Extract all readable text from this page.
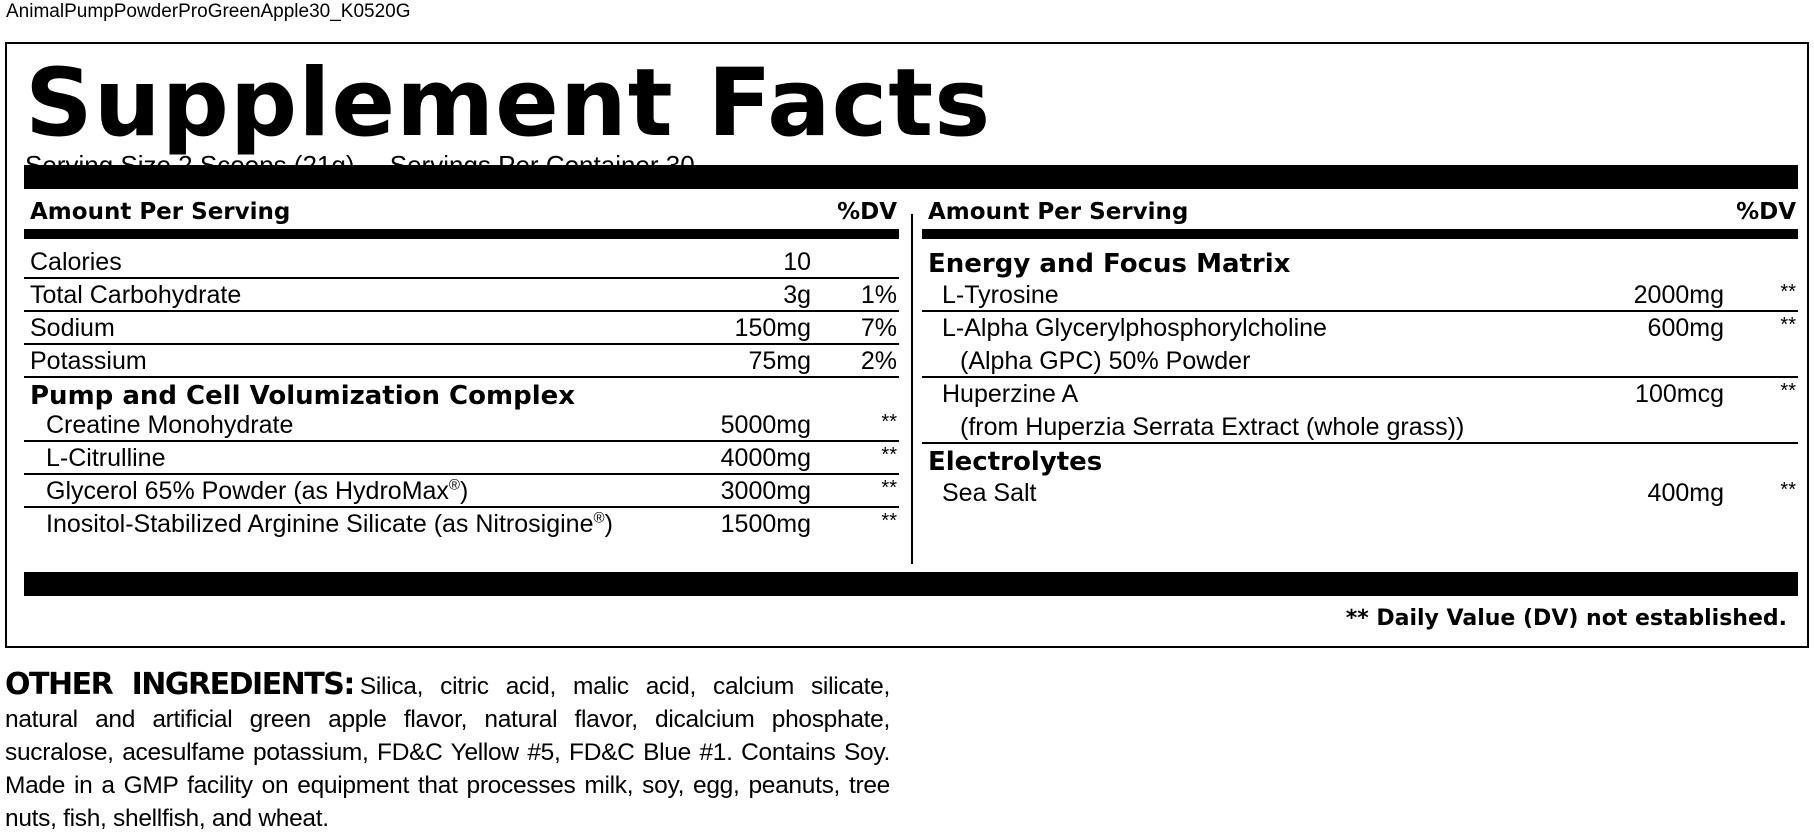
AnimalPumpPowderProGreenApple30_K0520G
Supplement Facts
Amount Per Serving	%DV
Calories	10
Total Carbohydrate	3g 1%
Sodium	150mg 7%
Potassium	75mg 2%
Pump and Cell Volumization Complex
Creatine Monohydrate	5000mg	**
L-Citrulline	4000mg	**
Glycerol 65% Powder (as HydroMax®)	3000mg	**
Inositol-Stabilized Arginine Silicate (as Nitrosigine®)	1500mg	**
Amount Per Serving	%DV
Energy and Focus Matrix
L-Tyrosine	2000mg	**
L-Alpha Glycerylphosphorylcholine
(Alpha GPC) 50% Powder
600mg	**
Huperzine A
(from Huperzia Serrata Extract (whole grass))
100mcg	**
Electrolytes
Sea Salt	400mg	**
** Daily Value (DV) not established.
OTHER INGREDIENTS: Silica, citric acid, malic acid, calcium silicate, natural and artificial green apple flavor, natural flavor, dicalcium phosphate, sucralose, acesulfame potassium, FD&C Yellow #5, FD&C Blue #1. Contains Soy. Made in a GMP facility on equipment that processes milk, soy, egg, peanuts, tree nuts, fish, shellfish, and wheat.
